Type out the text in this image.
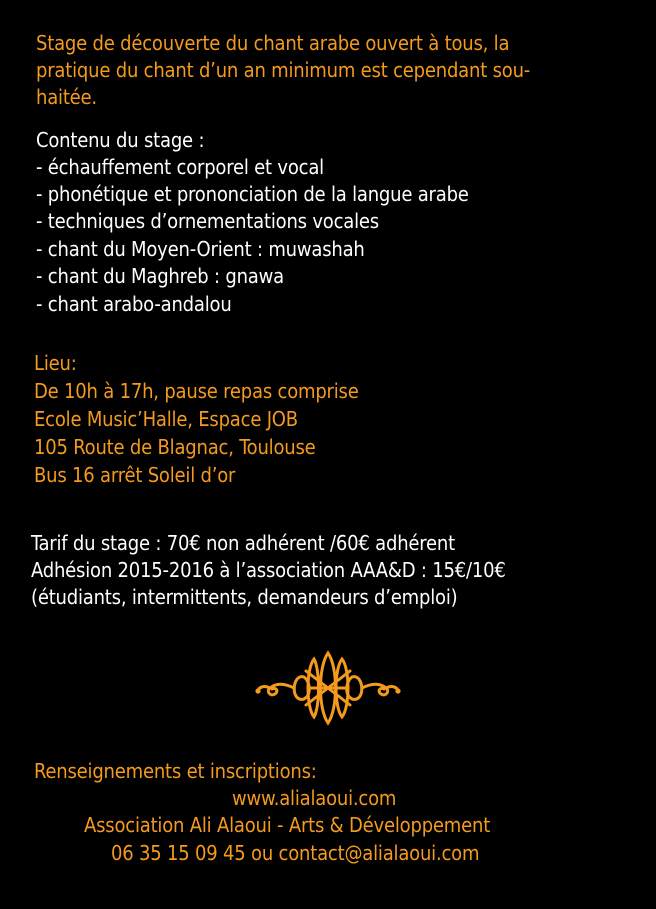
Stage de découverte du chant arabe ouvert à tous, la
pratique du chant d’un an minimum est cependant sou-
haitée.
Contenu du stage :
- échauffement corporel et vocal
- phonétique et prononciation de la langue arabe
- techniques d’ornementations vocales
- chant du Moyen-Orient : muwashah
- chant du Maghreb : gnawa
- chant arabo-andalou
Lieu:
De 10h à 17h, pause repas comprise
Ecole Music’Halle, Espace JOB
105 Route de Blagnac, Toulouse
Bus 16 arrêt Soleil d’or
Tarif du stage : 70€ non adhérent /60€ adhérent
Adhésion 2015-2016 à l’association AAA&D : 15€/10€
(étudiants, intermittents, demandeurs d’emploi)
Renseignements et inscriptions:
www.alialaoui.com
Association Ali Alaoui - Arts & Développement
06 35 15 09 45 ou contact@alialaoui.com
